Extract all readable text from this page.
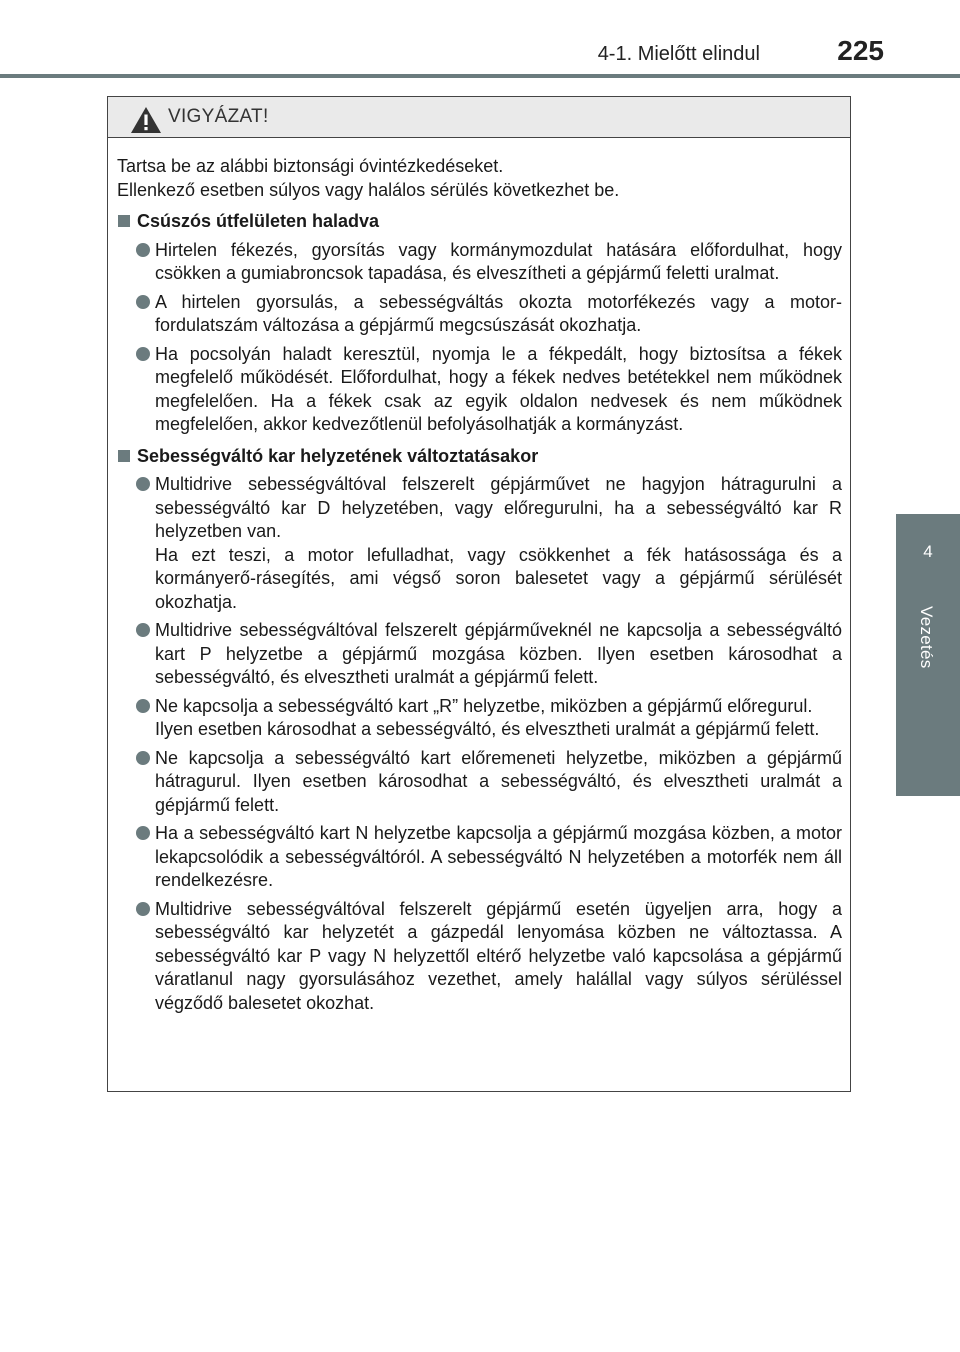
4-1. Mielőtt elindul	225
4
Vezetés
VIGYÁZAT!
Tartsa be az alábbi biztonsági óvintézkedéseket.
Ellenkező esetben súlyos vagy halálos sérülés következhet be.
Csúszós útfelületen haladva
Hirtelen fékezés, gyorsítás vagy kormánymozdulat hatására előfordulhat, hogy csökken a gumiabroncsok tapadása, és elveszítheti a gépjármű feletti uralmat.
A hirtelen gyorsulás, a sebességváltás okozta motorfékezés vagy a motorfordulatszám változása a gépjármű megcsúszását okozhatja.
Ha pocsolyán haladt keresztül, nyomja le a fékpedált, hogy biztosítsa a fékek megfelelő működését. Előfordulhat, hogy a fékek nedves betétekkel nem működnek megfelelően. Ha a fékek csak az egyik oldalon nedvesek és nem működnek megfelelően, akkor kedvezőtlenül befolyásolhatják a kormányzást.
Sebességváltó kar helyzetének változtatásakor
Multidrive sebességváltóval felszerelt gépjárművet ne hagyjon hátragurulni a sebességváltó kar D helyzetében, vagy előregurulni, ha a sebességváltó kar R helyzetben van.
Ha ezt teszi, a motor lefulladhat, vagy csökkenhet a fék hatásossága és a kormányerő-rásegítés, ami végső soron balesetet vagy a gépjármű sérülését okozhatja.
Multidrive sebességváltóval felszerelt gépjárműveknél ne kapcsolja a sebességváltó kart P helyzetbe a gépjármű mozgása közben. Ilyen esetben károsodhat a sebességváltó, és elvesztheti uralmát a gépjármű felett.
Ne kapcsolja a sebességváltó kart „R” helyzetbe, miközben a gépjármű előregurul.
Ilyen esetben károsodhat a sebességváltó, és elvesztheti uralmát a gépjármű felett.
Ne kapcsolja a sebességváltó kart előremeneti helyzetbe, miközben a gépjármű hátragurul. Ilyen esetben károsodhat a sebességváltó, és elvesztheti uralmát a gépjármű felett.
Ha a sebességváltó kart N helyzetbe kapcsolja a gépjármű mozgása közben, a motor lekapcsolódik a sebességváltóról. A sebességváltó N helyzetében a motorfék nem áll rendelkezésre.
Multidrive sebességváltóval felszerelt gépjármű esetén ügyeljen arra, hogy a sebességváltó kar helyzetét a gázpedál lenyomása közben ne változtassa. A sebességváltó kar P vagy N helyzettől eltérő helyzetbe való kapcsolása a gépjármű váratlanul nagy gyorsulásához vezethet, amely halállal vagy súlyos sérüléssel végződő balesetet okozhat.
